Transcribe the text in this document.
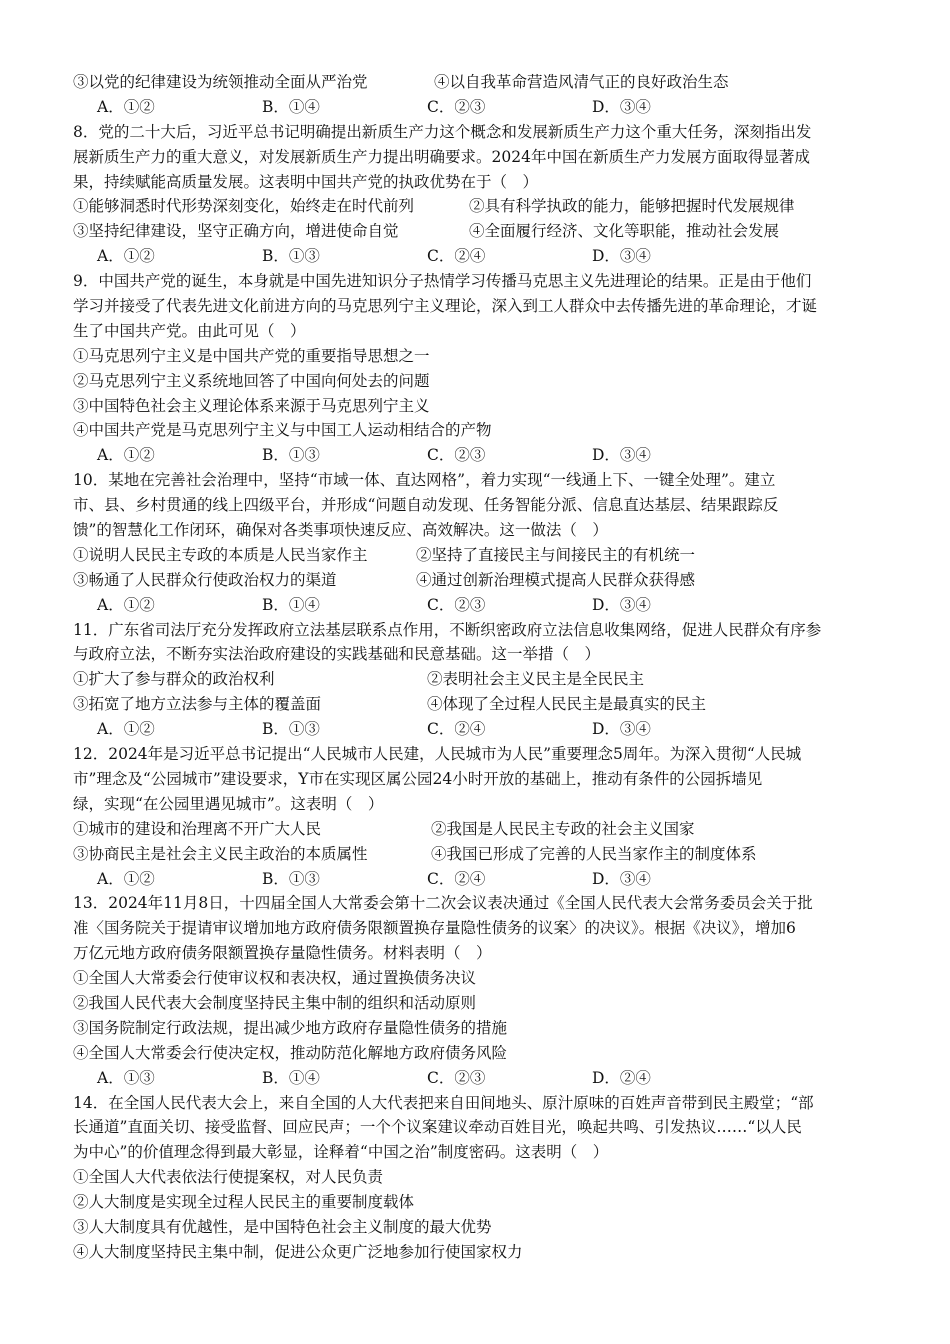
③以党的纪律建设为统领推动全面从严治党	④以自我革命营造风清气正的良好政治生态
A．①②	B．①④	C．②③	D．③④
8．党的二十大后，习近平总书记明确提出新质生产力这个概念和发展新质生产力这个重大任务，深刻指出发
展新质生产力的重大意义，对发展新质生产力提出明确要求。2024年中国在新质生产力发展方面取得显著成
果，持续赋能高质量发展。这表明中国共产党的执政优势在于（　）
①能够洞悉时代形势深刻变化，始终走在时代前列	②具有科学执政的能力，能够把握时代发展规律
③坚持纪律建设，坚守正确方向，增进使命自觉	④全面履行经济、文化等职能，推动社会发展
A．①②	B．①③	C．②④	D．③④
9．中国共产党的诞生，本身就是中国先进知识分子热情学习传播马克思主义先进理论的结果。正是由于他们
学习并接受了代表先进文化前进方向的马克思列宁主义理论，深入到工人群众中去传播先进的革命理论，才诞
生了中国共产党。由此可见（　）
①马克思列宁主义是中国共产党的重要指导思想之一
②马克思列宁主义系统地回答了中国向何处去的问题
③中国特色社会主义理论体系来源于马克思列宁主义
④中国共产党是马克思列宁主义与中国工人运动相结合的产物
A．①②	B．①③	C．②③	D．③④
10．某地在完善社会治理中，坚持“市域一体、直达网格”，着力实现“一线通上下、一键全处理”。建立
市、县、乡村贯通的线上四级平台，并形成“问题自动发现、任务智能分派、信息直达基层、结果跟踪反
馈”的智慧化工作闭环，确保对各类事项快速反应、高效解决。这一做法（　）
①说明人民民主专政的本质是人民当家作主	②坚持了直接民主与间接民主的有机统一
③畅通了人民群众行使政治权力的渠道	④通过创新治理模式提高人民群众获得感
A．①②	B．①④	C．②③	D．③④
11．广东省司法厅充分发挥政府立法基层联系点作用，不断织密政府立法信息收集网络，促进人民群众有序参
与政府立法，不断夯实法治政府建设的实践基础和民意基础。这一举措（　）
①扩大了参与群众的政治权利	②表明社会主义民主是全民民主
③拓宽了地方立法参与主体的覆盖面	④体现了全过程人民民主是最真实的民主
A．①②	B．①③	C．②④	D．③④
12．2024年是习近平总书记提出“人民城市人民建，人民城市为人民”重要理念5周年。为深入贯彻“人民城
市”理念及“公园城市”建设要求，Y市在实现区属公园24小时开放的基础上，推动有条件的公园拆墙见
绿，实现“在公园里遇见城市”。这表明（　）
①城市的建设和治理离不开广大人民	②我国是人民民主专政的社会主义国家
③协商民主是社会主义民主政治的本质属性	④我国已形成了完善的人民当家作主的制度体系
A．①②	B．①③	C．②④	D．③④
13．2024年11月8日，十四届全国人大常委会第十二次会议表决通过《全国人民代表大会常务委员会关于批
准〈国务院关于提请审议增加地方政府债务限额置换存量隐性债务的议案〉的决议》。根据《决议》，增加6
万亿元地方政府债务限额置换存量隐性债务。材料表明（　）
①全国人大常委会行使审议权和表决权，通过置换债务决议
②我国人民代表大会制度坚持民主集中制的组织和活动原则
③国务院制定行政法规，提出减少地方政府存量隐性债务的措施
④全国人大常委会行使决定权，推动防范化解地方政府债务风险
A．①③	B．①④	C．②③	D．②④
14．在全国人民代表大会上，来自全国的人大代表把来自田间地头、原汁原味的百姓声音带到民主殿堂；“部
长通道”直面关切、接受监督、回应民声；一个个议案建议牵动百姓目光，唤起共鸣、引发热议……“以人民
为中心”的价值理念得到最大彰显，诠释着“中国之治”制度密码。这表明（　）
①全国人大代表依法行使提案权，对人民负责
②人大制度是实现全过程人民民主的重要制度载体
③人大制度具有优越性，是中国特色社会主义制度的最大优势
④人大制度坚持民主集中制，促进公众更广泛地参加行使国家权力
